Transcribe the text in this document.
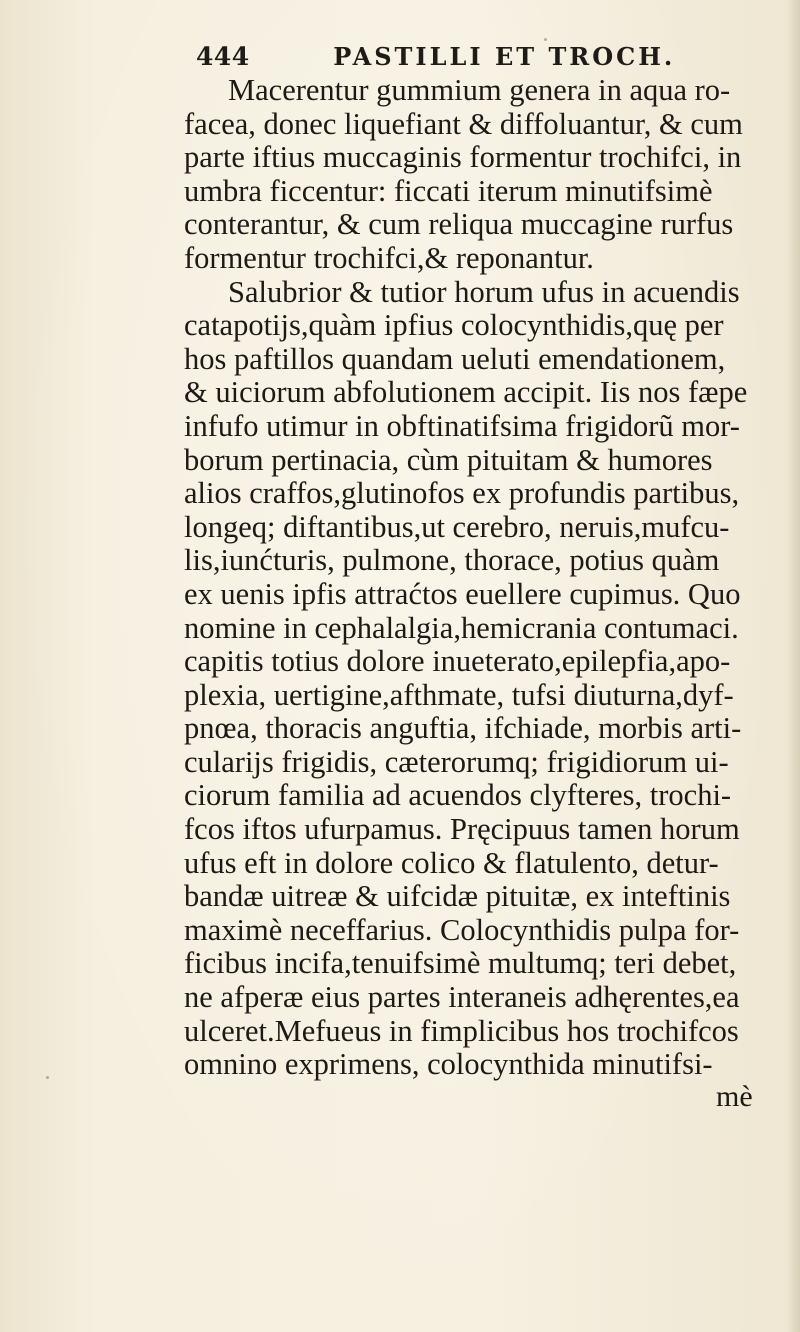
444	PASTILLI ET TROCH.
Macerentur gummium genera in aqua ro-
facea, donec liquefiant & diffoluantur, & cum
parte iftius muccaginis formentur trochifci, in
umbra ficcentur: ficcati iterum minutifsimè
conterantur, & cum reliqua muccagine rurfus
formentur trochifci,& reponantur.
Salubrior & tutior horum ufus in acuendis
catapotijs,quàm ipfius colocynthidis,quę per
hos paftillos quandam ueluti emendationem,
& uiciorum abfolutionem accipit. Iis nos fæpe
infufo utimur in obftinatifsima frigidorũ mor-
borum pertinacia, cùm pituitam & humores
alios craffos,glutinofos ex profundis partibus,
longeq; diftantibus,ut cerebro, neruis,mufcu-
lis,iunćturis, pulmone, thorace, potius quàm
ex uenis ipfis attraćtos euellere cupimus. Quo
nomine in cephalalgia,hemicrania contumaci.
capitis totius dolore inueterato,epilepfia,apo-
plexia, uertigine,afthmate, tufsi diuturna,dyf-
pnœa, thoracis anguftia, ifchiade, morbis arti-
cularijs frigidis, cæterorumq; frigidiorum ui-
ciorum familia ad acuendos clyfteres, trochi-
fcos iftos ufurpamus. Pręcipuus tamen horum
ufus eft in dolore colico & flatulento, detur-
bandæ uitreæ & uifcidæ pituitæ, ex inteftinis
maximè neceffarius. Colocynthidis pulpa for-
ficibus incifa,tenuifsimè multumq; teri debet,
ne afperæ eius partes interaneis adhęrentes,ea
ulceret.Mefueus in fimplicibus hos trochifcos
omnino exprimens, colocynthida minutifsi-
mè
